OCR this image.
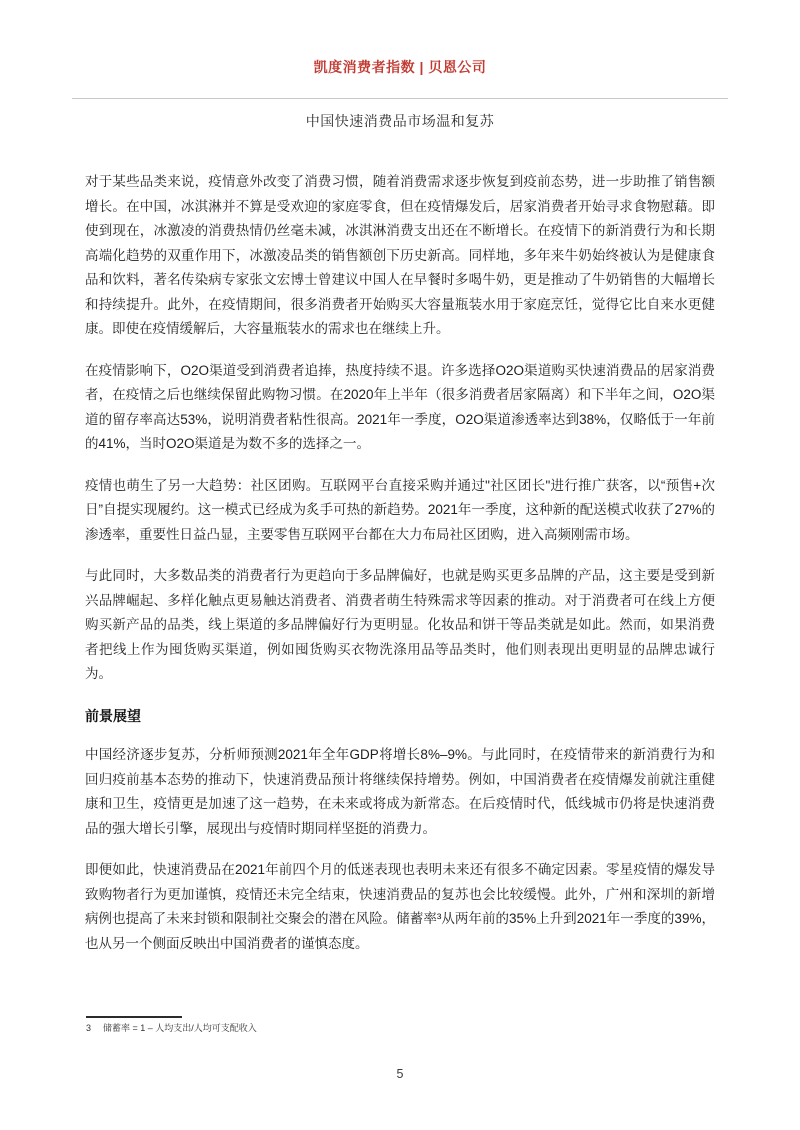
凯度消费者指数 | 贝恩公司
中国快速消费品市场温和复苏

对于某些品类来说，疫情意外改变了消费习惯，随着消费需求逐步恢复到疫前态势，进一步助推了销售额增长。在中国，冰淇淋并不算是受欢迎的家庭零食，但在疫情爆发后，居家消费者开始寻求食物慰藉。即使到现在，冰激凌的消费热情仍丝毫未减，冰淇淋消费支出还在不断增长。在疫情下的新消费行为和长期高端化趋势的双重作用下，冰激凌品类的销售额创下历史新高。同样地，多年来牛奶始终被认为是健康食品和饮料，著名传染病专家张文宏博士曾建议中国人在早餐时多喝牛奶，更是推动了牛奶销售的大幅增长和持续提升。此外，在疫情期间，很多消费者开始购买大容量瓶装水用于家庭烹饪，觉得它比自来水更健康。即使在疫情缓解后，大容量瓶装水的需求也在继续上升。

在疫情影响下，O2O渠道受到消费者追捧，热度持续不退。许多选择O2O渠道购买快速消费品的居家消费者，在疫情之后也继续保留此购物习惯。在2020年上半年（很多消费者居家隔离）和下半年之间，O2O渠道的留存率高达53%，说明消费者粘性很高。2021年一季度，O2O渠道渗透率达到38%，仅略低于一年前的41%，当时O2O渠道是为数不多的选择之一。

疫情也萌生了另一大趋势：社区团购。互联网平台直接采购并通过"社区团长"进行推广获客，以“预售+次日”自提实现履约。这一模式已经成为炙手可热的新趋势。2021年一季度，这种新的配送模式收获了27%的渗透率，重要性日益凸显，主要零售互联网平台都在大力布局社区团购，进入高频刚需市场。

与此同时，大多数品类的消费者行为更趋向于多品牌偏好，也就是购买更多品牌的产品，这主要是受到新兴品牌崛起、多样化触点更易触达消费者、消费者萌生特殊需求等因素的推动。对于消费者可在线上方便购买新产品的品类，线上渠道的多品牌偏好行为更明显。化妆品和饼干等品类就是如此。然而，如果消费者把线上作为囤货购买渠道，例如囤货购买衣物洗涤用品等品类时，他们则表现出更明显的品牌忠诚行为。

前景展望

中国经济逐步复苏，分析师预测2021年全年GDP将增长8%–9%。与此同时，在疫情带来的新消费行为和回归疫前基本态势的推动下，快速消费品预计将继续保持增势。例如，中国消费者在疫情爆发前就注重健康和卫生，疫情更是加速了这一趋势，在未来或将成为新常态。在后疫情时代，低线城市仍将是快速消费品的强大增长引擎，展现出与疫情时期同样坚挺的消费力。

即便如此，快速消费品在2021年前四个月的低迷表现也表明未来还有很多不确定因素。零星疫情的爆发导致购物者行为更加谨慎，疫情还未完全结束，快速消费品的复苏也会比较缓慢。此外，广州和深圳的新增病例也提高了未来封锁和限制社交聚会的潜在风险。储蓄率³从两年前的35%上升到2021年一季度的39%，也从另一个侧面反映出中国消费者的谨慎态度。

3 储蓄率 = 1 – 人均支出/人均可支配收入
5
